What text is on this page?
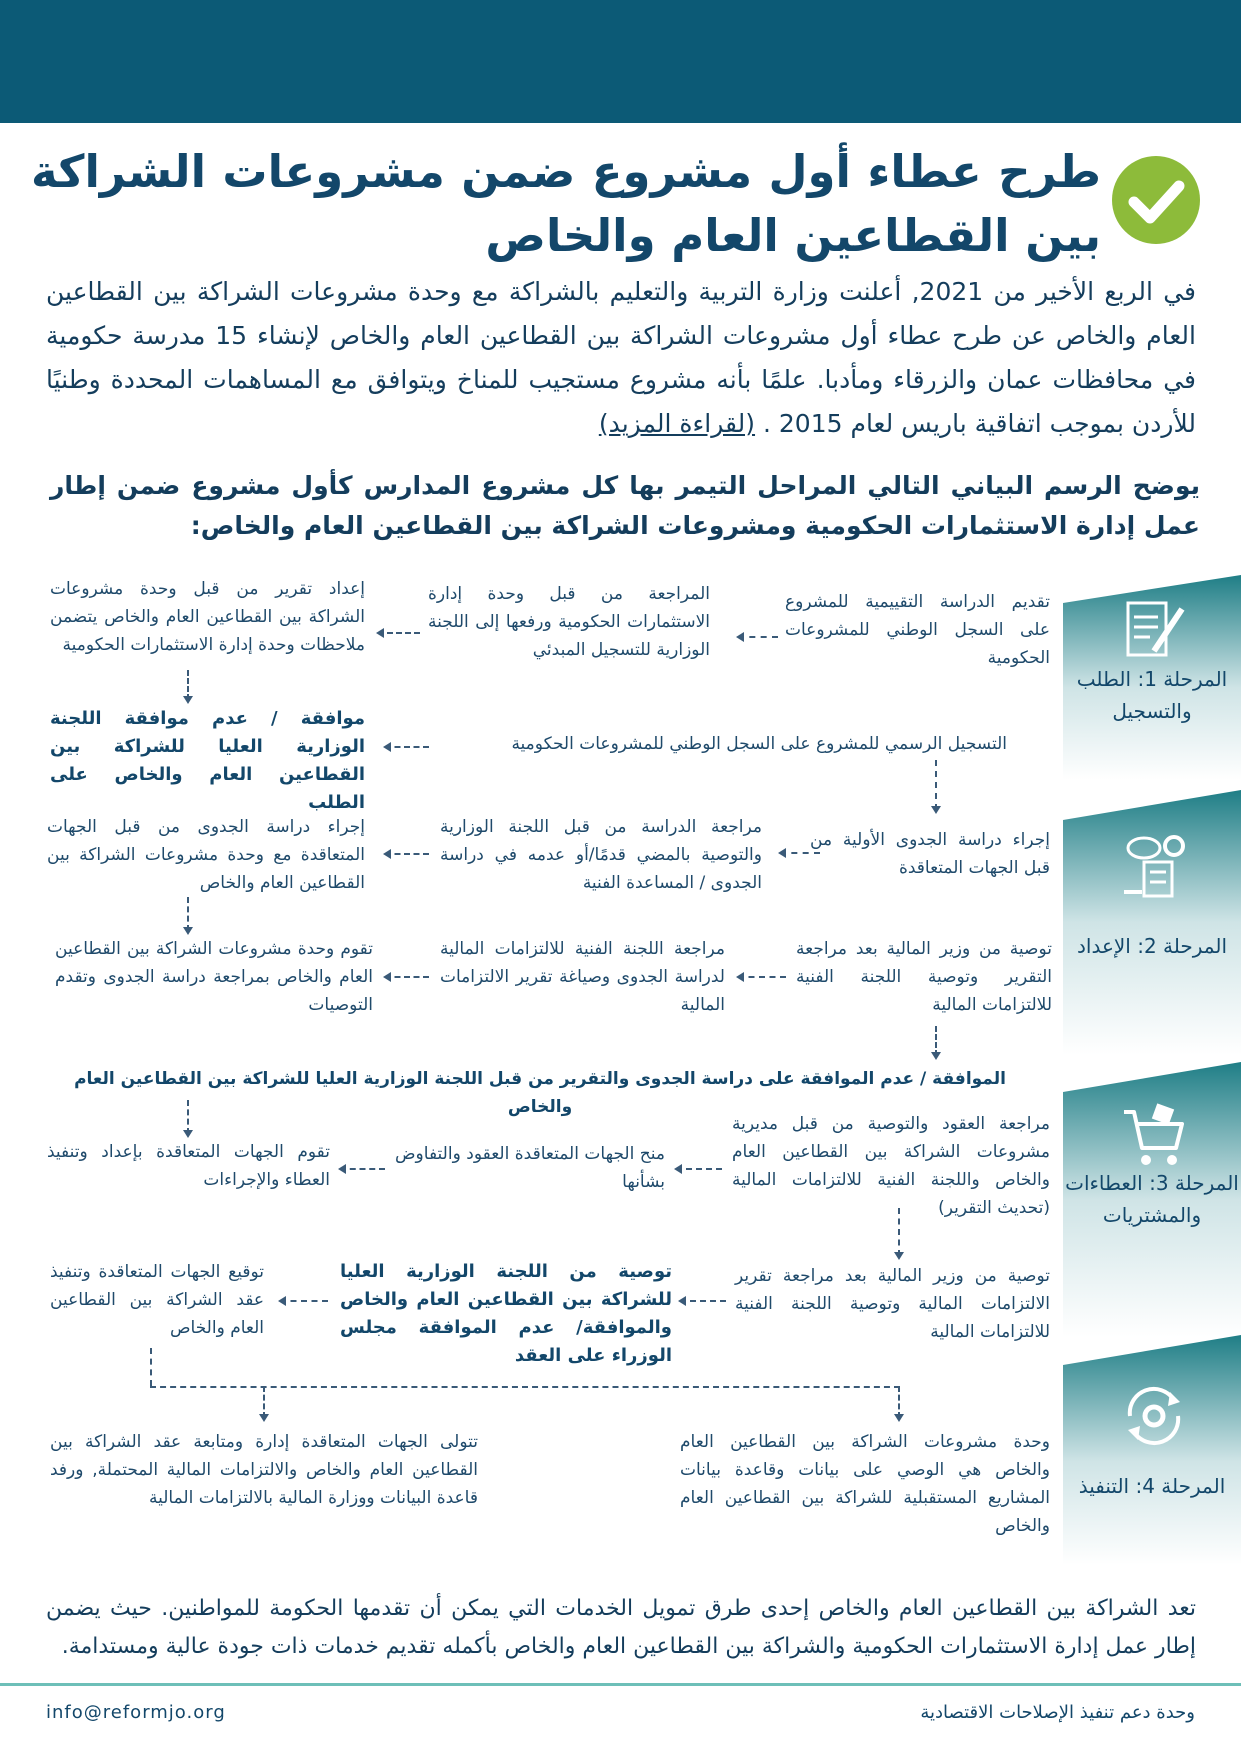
طرح عطاء أول مشروع ضمن مشروعات الشراكة بين القطاعين العام والخاص

في الربع الأخير من 2021, أعلنت وزارة التربية والتعليم بالشراكة مع وحدة مشروعات الشراكة بين القطاعين العام والخاص عن طرح عطاء أول مشروعات الشراكة بين القطاعين العام والخاص لإنشاء 15 مدرسة حكومية في محافظات عمان والزرقاء ومأدبا. علمًا بأنه مشروع مستجيب للمناخ ويتوافق مع المساهمات المحددة وطنيًا للأردن بموجب اتفاقية باريس لعام 2015 . (لقراءة المزيد)

يوضح الرسم البياني التالي المراحل التيمر بها كل مشروع المدارس كأول مشروع ضمن إطار عمل إدارة الاستثمارات الحكومية ومشروعات الشراكة بين القطاعين العام والخاص:

المرحلة 1: الطلب والتسجيل
المرحلة 2: الإعداد
المرحلة 3: العطاءات والمشتريات
المرحلة 4: التنفيذ
تقديم الدراسة التقييمية للمشروع على السجل الوطني للمشروعات الحكومية
المراجعة من قبل وحدة إدارة الاستثمارات الحكومية ورفعها إلى اللجنة الوزارية للتسجيل المبدئي
إعداد تقرير من قبل وحدة مشروعات الشراكة بين القطاعين العام والخاص يتضمن ملاحظات وحدة إدارة الاستثمارات الحكومية
موافقة / عدم موافقة اللجنة الوزارية العليا للشراكة بين القطاعين العام والخاص على الطلب
التسجيل الرسمي للمشروع على السجل الوطني للمشروعات الحكومية
إجراء دراسة الجدوى الأولية من قبل الجهات المتعاقدة
مراجعة الدراسة من قبل اللجنة الوزارية والتوصية بالمضي قدمًا/أو عدمه في دراسة الجدوى / المساعدة الفنية
إجراء دراسة الجدوى من قبل الجهات المتعاقدة مع وحدة مشروعات الشراكة بين القطاعين العام والخاص
تقوم وحدة مشروعات الشراكة بين القطاعين العام والخاص بمراجعة دراسة الجدوى وتقدم التوصيات
مراجعة اللجنة الفنية للالتزامات المالية لدراسة الجدوى وصياغة تقرير الالتزامات المالية
توصية من وزير المالية بعد مراجعة التقرير وتوصية اللجنة الفنية للالتزامات المالية
الموافقة / عدم الموافقة على دراسة الجدوى والتقرير من قبل اللجنة الوزارية العليا للشراكة بين القطاعين العام والخاص
مراجعة العقود والتوصية من قبل مديرية مشروعات الشراكة بين القطاعين العام والخاص واللجنة الفنية للالتزامات المالية (تحديث التقرير)
منح الجهات المتعاقدة العقود والتفاوض بشأنها
تقوم الجهات المتعاقدة بإعداد وتنفيذ العطاء والإجراءات
توصية من وزير المالية بعد مراجعة تقرير الالتزامات المالية وتوصية اللجنة الفنية للالتزامات المالية
توصية من اللجنة الوزارية العليا للشراكة بين القطاعين العام والخاص والموافقة/ عدم الموافقة مجلس الوزراء على العقد
توقيع الجهات المتعاقدة وتنفيذ عقد الشراكة بين القطاعين العام والخاص
وحدة مشروعات الشراكة بين القطاعين العام والخاص هي الوصي على بيانات وقاعدة بيانات المشاريع المستقبلية للشراكة بين القطاعين العام والخاص
تتولى الجهات المتعاقدة إدارة ومتابعة عقد الشراكة بين القطاعين العام والخاص والالتزامات المالية المحتملة, ورفد قاعدة البيانات ووزارة المالية بالالتزامات المالية

تعد الشراكة بين القطاعين العام والخاص إحدى طرق تمويل الخدمات التي يمكن أن تقدمها الحكومة للمواطنين. حيث يضمن إطار عمل إدارة الاستثمارات الحكومية والشراكة بين القطاعين العام والخاص بأكمله تقديم خدمات ذات جودة عالية ومستدامة.

info@reformjo.org	وحدة دعم تنفيذ الإصلاحات الاقتصادية
